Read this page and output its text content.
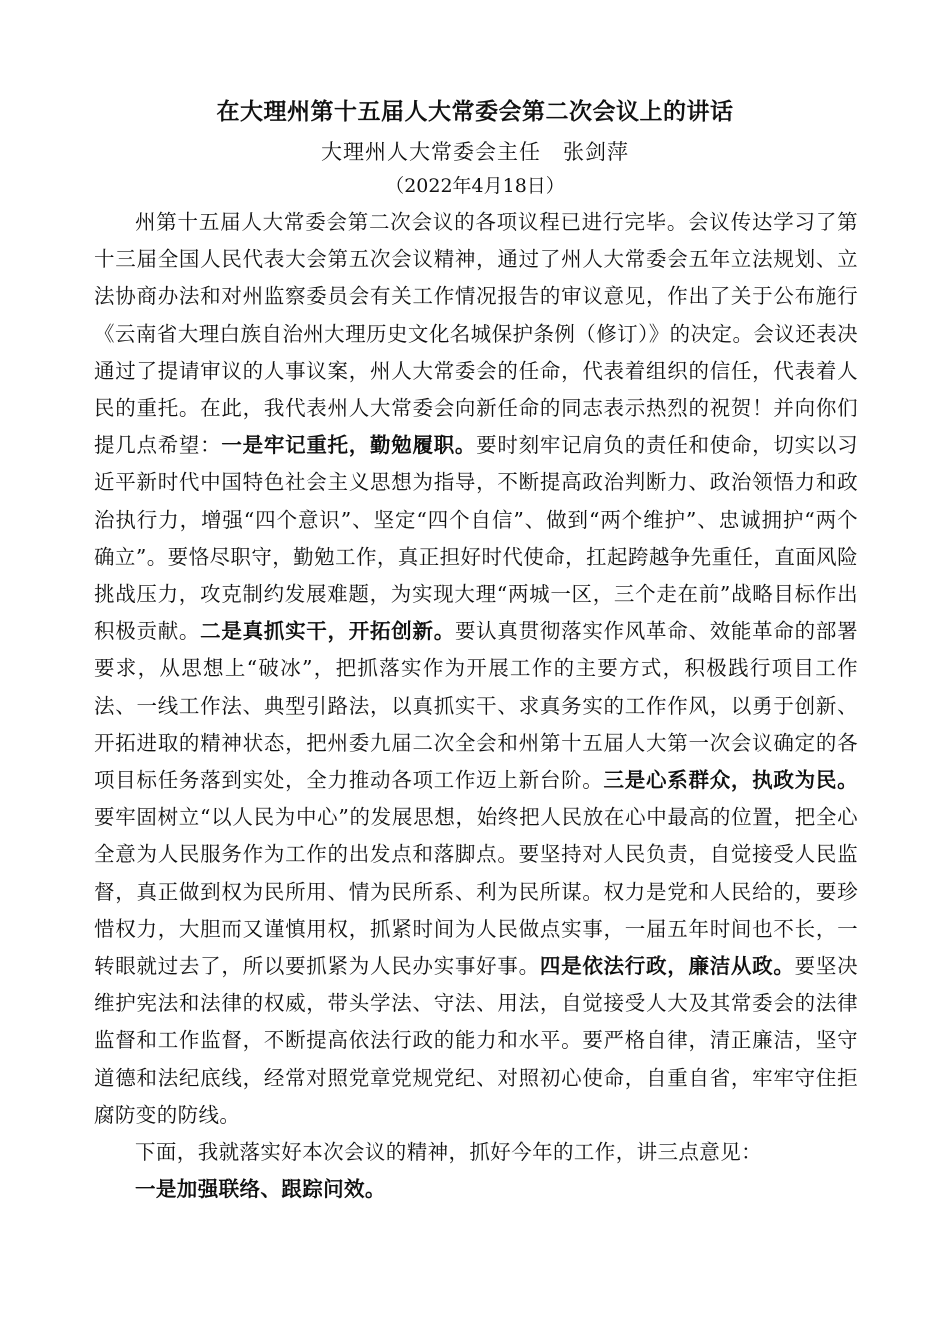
在大理州第十五届人大常委会第二次会议上的讲话
大理州人大常委会主任　张剑萍
（2022年4月18日）

州第十五届人大常委会第二次会议的各项议程已进行完毕。会议传达学习了第十三届全国人民代表大会第五次会议精神，通过了州人大常委会五年立法规划、立法协商办法和对州监察委员会有关工作情况报告的审议意见，作出了关于公布施行《云南省大理白族自治州大理历史文化名城保护条例（修订）》的决定。会议还表决通过了提请审议的人事议案，州人大常委会的任命，代表着组织的信任，代表着人民的重托。在此，我代表州人大常委会向新任命的同志表示热烈的祝贺！并向你们提几点希望：一是牢记重托，勤勉履职。要时刻牢记肩负的责任和使命，切实以习近平新时代中国特色社会主义思想为指导，不断提高政治判断力、政治领悟力和政治执行力，增强“四个意识”、坚定“四个自信”、做到“两个维护”、忠诚拥护“两个确立”。要恪尽职守，勤勉工作，真正担好时代使命，扛起跨越争先重任，直面风险挑战压力，攻克制约发展难题，为实现大理“两城一区，三个走在前”战略目标作出积极贡献。二是真抓实干，开拓创新。要认真贯彻落实作风革命、效能革命的部署要求，从思想上“破冰”，把抓落实作为开展工作的主要方式，积极践行项目工作法、一线工作法、典型引路法，以真抓实干、求真务实的工作作风，以勇于创新、开拓进取的精神状态，把州委九届二次全会和州第十五届人大第一次会议确定的各项目标任务落到实处，全力推动各项工作迈上新台阶。三是心系群众，执政为民。要牢固树立“以人民为中心”的发展思想，始终把人民放在心中最高的位置，把全心全意为人民服务作为工作的出发点和落脚点。要坚持对人民负责，自觉接受人民监督，真正做到权为民所用、情为民所系、利为民所谋。权力是党和人民给的，要珍惜权力，大胆而又谨慎用权，抓紧时间为人民做点实事，一届五年时间也不长，一转眼就过去了，所以要抓紧为人民办实事好事。四是依法行政，廉洁从政。要坚决维护宪法和法律的权威，带头学法、守法、用法，自觉接受人大及其常委会的法律监督和工作监督，不断提高依法行政的能力和水平。要严格自律，清正廉洁，坚守道德和法纪底线，经常对照党章党规党纪、对照初心使命，自重自省，牢牢守住拒腐防变的防线。

下面，我就落实好本次会议的精神，抓好今年的工作，讲三点意见：

一是加强联络、跟踪问效。
